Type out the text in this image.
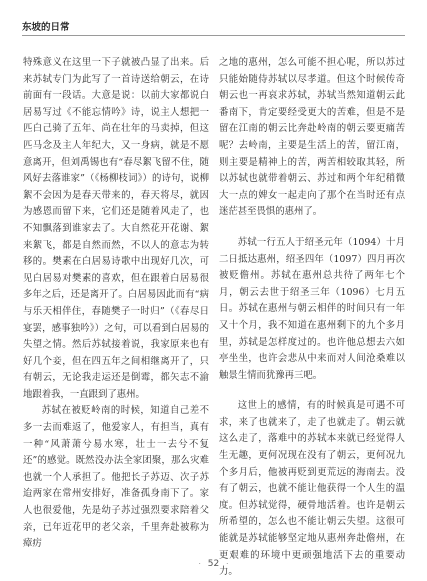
东坡的日常

特殊意义在这里一下子就被凸显了出来。后来苏轼专门为此写了一首诗送给朝云，在诗前面有一段话。大意是说：以前大家都说白居易写过《不能忘情吟》诗，说主人想把一匹白己骑了五年、尚在壮年的马卖掉，但这匹马念及主人年纪大，又一身病，就是不愿意离开，但刘禹锡也有“春尽絮飞留不住，随风好去落谁家”（《杨柳枝词》）的诗句，说柳絮不会因为是春天带来的，春天将尽，就因为感恩而留下来，它们还是随着风走了，也不知飘落到谁家去了。大自然花开花谢、絮来絮飞，都是自然而然，不以人的意志为转移的。樊素在白居易诗歌中出现好几次，可见白居易对樊素的喜欢，但在跟着白居易很多年之后，还是离开了。白居易因此而有“病与乐天相伴住，春随樊子一时归”（《春尽日宴罢，感事独吟》）之句，可以看到白居易的失望之情。然后苏轼接着说，我家原来也有好几个妾，但在四五年之间相继离开了，只有朝云，无论我走运还是倒霉，都矢志不渝地跟着我，一直跟到了惠州。

苏轼在被贬岭南的时候，知道自己差不多一去而难返了，他爱家人，有担当，真有一种“风萧萧兮易水寒，壮士一去兮不复还”的感觉。既然没办法全家团聚，那么灾难也就一个人承担了。他把长子苏迈、次子苏迨两家在常州安排好，准备孤身南下了。家人也很爱他，先是幼子苏过强烈要求陪着父亲，已年近花甲的老父亲，千里奔赴被称为瘴疠

之地的惠州，怎么可能不担心呢，所以苏过只能始随侍苏轼以尽孝道。但这个时候传奇朝云也一再哀求苏轼，苏轼当然知道朝云此番南下，肯定要经受更大的苦难，但是不是留在江南的朝云比奔赴岭南的朝云要更痛苦呢？去岭南，主要是生活上的苦，留江南，则主要是精神上的苦，两苦相较取其轻，所以苏轼也就带着朝云、苏过和两个年纪稍微大一点的婢女一起走向了那个在当时还有点迷茫甚至畏惧的惠州了。

苏轼一行五人于绍圣元年（1094）十月二日抵达惠州，绍圣四年（1097）四月再次被贬儋州。苏轼在惠州总共待了两年七个月，朝云去世于绍圣三年（1096）七月五日。苏轼在惠州与朝云相伴的时间只有一年又十个月，我不知道在惠州剩下的九个多月里，苏轼是怎样度过的。也许他总想去六如亭坐坐，也许会悲从中来而对人间沧桑难以触景生情而犹豫再三吧。

这世上的感情，有的时候真是可遇不可求，来了也就来了，走了也就走了。朝云就这么走了，落难中的苏轼本来就已经觉得人生无趣，更何况现在没有了朝云，更何况九个多月后，他被再贬到更荒远的海南去。没有了朝云，也就不能让他获得一个人生的温度。但苏轼觉得，硬骨地活着。也许是朝云所希望的，怎么也不能让朝云失望。这很可能就是苏轼能够坚定地从惠州奔赴儋州，在更艰难的环境中更顽强地活下去的重要动力。

· 52 ·
